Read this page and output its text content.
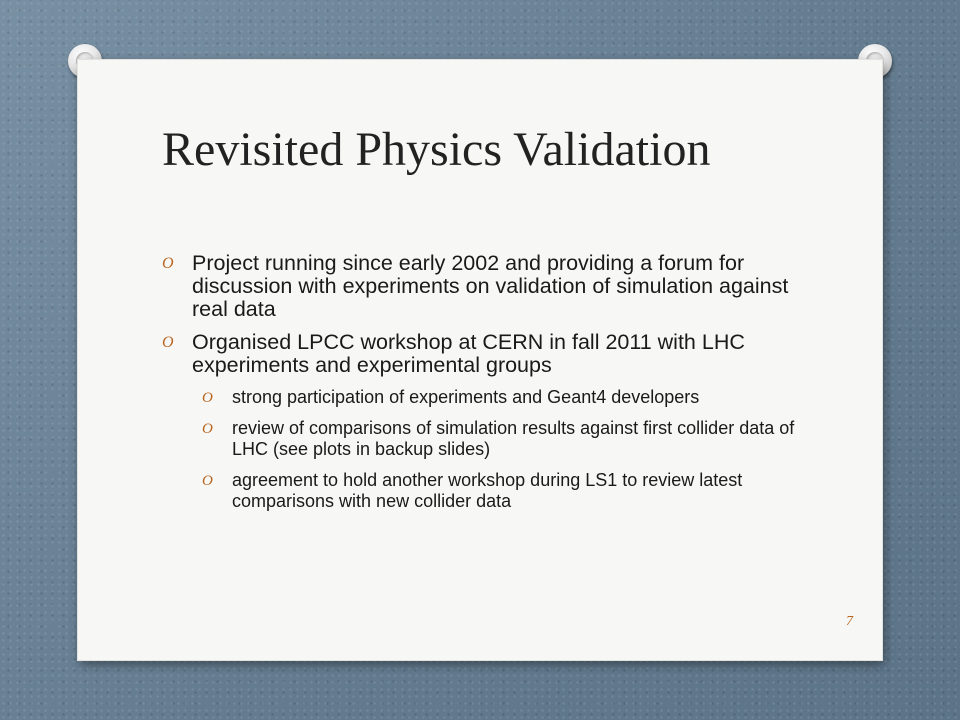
Revisited Physics Validation
O Project running since early 2002 and providing a forum for discussion with experiments on validation of simulation against real data
O Organised LPCC workshop at CERN in fall 2011 with LHC experiments and experimental groups
O strong participation of experiments and Geant4 developers
O review of comparisons of simulation results against first collider data of LHC (see plots in backup slides)
O agreement to hold another workshop during LS1 to review latest comparisons with new collider data
7
